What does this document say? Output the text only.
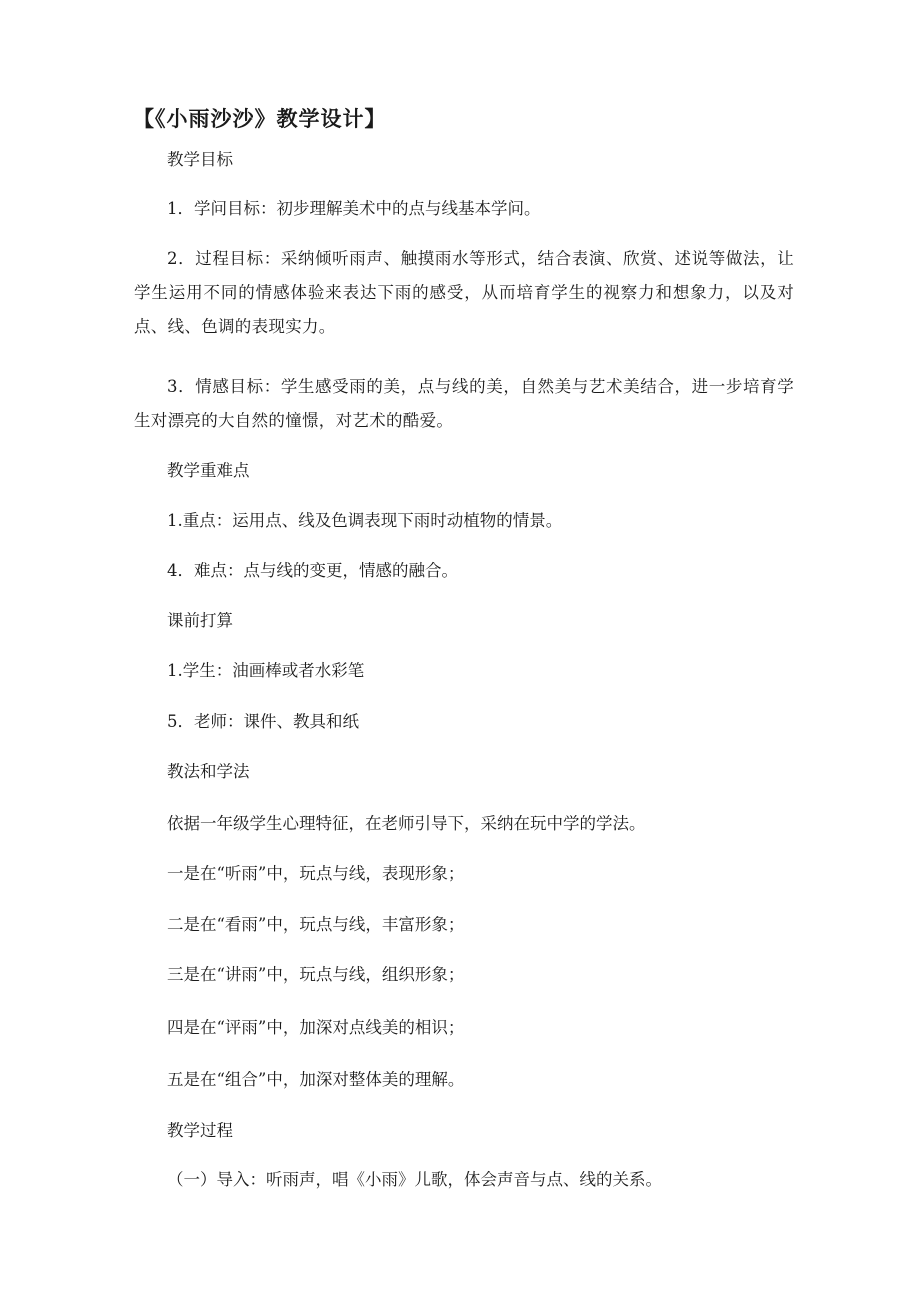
【《小雨沙沙》教学设计】
教学目标
1．学问目标：初步理解美术中的点与线基本学问。
2．过程目标：采纳倾听雨声、触摸雨水等形式，结合表演、欣赏、述说等做法，让学生运用不同的情感体验来表达下雨的感受，从而培育学生的视察力和想象力，以及对点、线、色调的表现实力。
3．情感目标：学生感受雨的美，点与线的美，自然美与艺术美结合，进一步培育学生对漂亮的大自然的憧憬，对艺术的酷爱。
教学重难点
1.重点：运用点、线及色调表现下雨时动植物的情景。
4．难点：点与线的变更，情感的融合。
课前打算
1.学生：油画棒或者水彩笔
5．老师：课件、教具和纸
教法和学法
依据一年级学生心理特征，在老师引导下，采纳在玩中学的学法。
一是在“听雨”中，玩点与线，表现形象；
二是在“看雨”中，玩点与线，丰富形象；
三是在“讲雨”中，玩点与线，组织形象；
四是在“评雨”中，加深对点线美的相识；
五是在“组合”中，加深对整体美的理解。
教学过程
（一）导入：听雨声，唱《小雨》儿歌，体会声音与点、线的关系。
